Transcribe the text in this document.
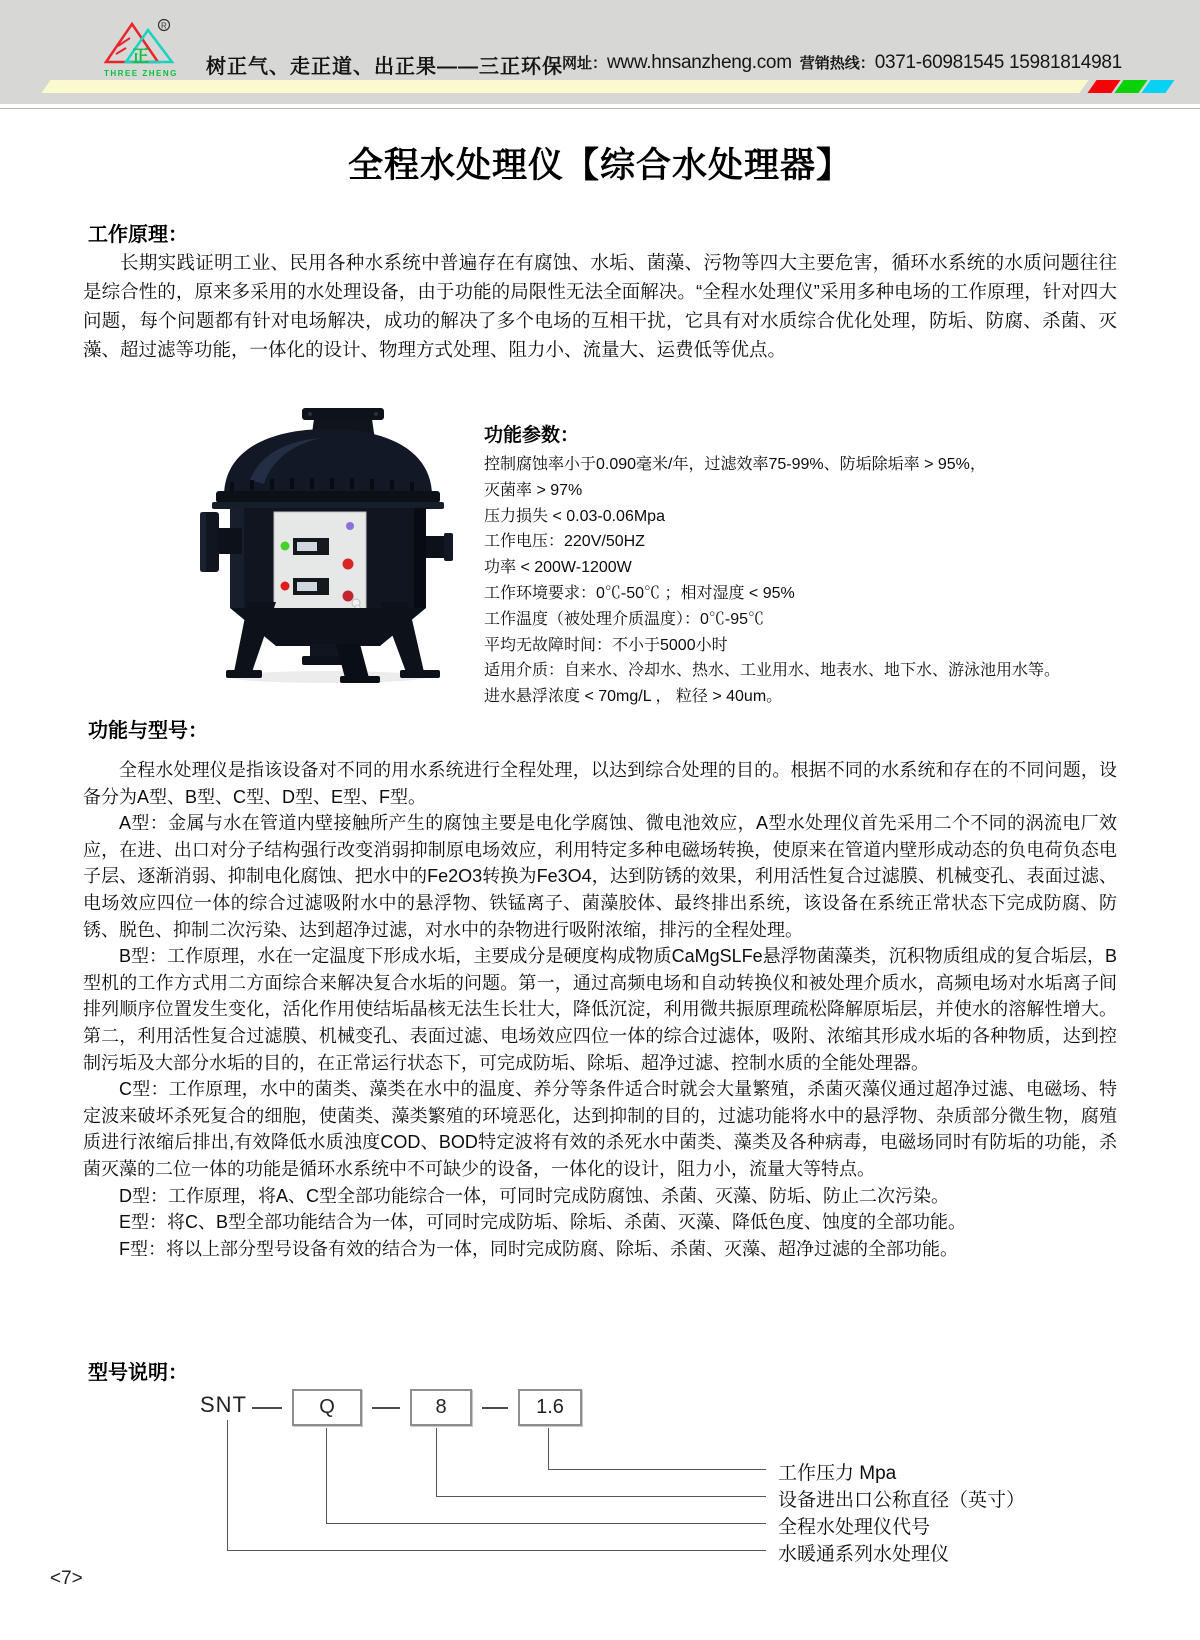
正
R
THREE ZHENG 树正气、走正道、出正果——三正环保 网址： www.hnsanzheng.com 营销热线： 0371-60981545 15981814981
全程水处理仪【综合水处理器】
工作原理：
长期实践证明工业、民用各种水系统中普遍存在有腐蚀、水垢、菌藻、污物等四大主要危害，循环水系统的水质问题往往是综合性的，原来多采用的水处理设备，由于功能的局限性无法全面解决。“全程水处理仪”采用多种电场的工作原理，针对四大问题，每个问题都有针对电场解决，成功的解决了多个电场的互相干扰，它具有对水质综合优化处理，防垢、防腐、杀菌、灭藻、超过滤等功能，一体化的设计、物理方式处理、阻力小、流量大、运费低等优点。
功能参数：
控制腐蚀率小于0.090毫米/年，过滤效率75-99%、防垢除垢率 > 95%，
灭菌率 > 97%
压力损失 < 0.03-0.06Mpa
工作电压：220V/50HZ
功率 < 200W-1200W
工作环境要求：0℃-50℃ ；相对湿度 < 95%
工作温度（被处理介质温度）：0℃-95℃
平均无故障时间：不小于5000小时
适用介质：自来水、冷却水、热水、工业用水、地表水、地下水、游泳池用水等。
进水悬浮浓度 < 70mg/L ， 粒径 > 40um。
功能与型号：

全程水处理仪是指该设备对不同的用水系统进行全程处理，以达到综合处理的目的。根据不同的水系统和存在的不同问题，设备分为A型、B型、C型、D型、E型、F型。

A型：金属与水在管道内壁接触所产生的腐蚀主要是电化学腐蚀、微电池效应，A型水处理仪首先采用二个不同的涡流电厂效应，在进、出口对分子结构强行改变消弱抑制原电场效应，利用特定多种电磁场转换，使原来在管道内壁形成动态的负电荷负态电子层、逐渐消弱、抑制电化腐蚀、把水中的Fe2O3转换为Fe3O4，达到防锈的效果，利用活性复合过滤膜、机械变孔、表面过滤、电场效应四位一体的综合过滤吸附水中的悬浮物、铁锰离子、菌藻胶体、最终排出系统，该设备在系统正常状态下完成防腐、防锈、脱色、抑制二次污染、达到超净过滤，对水中的杂物进行吸附浓缩，排污的全程处理。

B型：工作原理，水在一定温度下形成水垢，主要成分是硬度构成物质CaMgSLFe悬浮物菌藻类，沉积物质组成的复合垢层，B型机的工作方式用二方面综合来解决复合水垢的问题。第一，通过高频电场和自动转换仪和被处理介质水，高频电场对水垢离子间排列顺序位置发生变化，活化作用使结垢晶核无法生长壮大，降低沉淀，利用微共振原理疏松降解原垢层，并使水的溶解性增大。第二，利用活性复合过滤膜、机械变孔、表面过滤、电场效应四位一体的综合过滤体，吸附、浓缩其形成水垢的各种物质，达到控制污垢及大部分水垢的目的，在正常运行状态下，可完成防垢、除垢、超净过滤、控制水质的全能处理器。

C型：工作原理，水中的菌类、藻类在水中的温度、养分等条件适合时就会大量繁殖，杀菌灭藻仪通过超净过滤、电磁场、特定波来破坏杀死复合的细胞，使菌类、藻类繁殖的环境恶化，达到抑制的目的，过滤功能将水中的悬浮物、杂质部分微生物，腐殖质进行浓缩后排出,有效降低水质浊度COD、BOD特定波将有效的杀死水中菌类、藻类及各种病毒，电磁场同时有防垢的功能，杀菌灭藻的二位一体的功能是循环水系统中不可缺少的设备，一体化的设计，阻力小，流量大等特点。

D型：工作原理，将A、C型全部功能综合一体，可同时完成防腐蚀、杀菌、灭藻、防垢、防止二次污染。

E型：将C、B型全部功能结合为一体，可同时完成防垢、除垢、杀菌、灭藻、降低色度、蚀度的全部功能。

F型：将以上部分型号设备有效的结合为一体，同时完成防腐、除垢、杀菌、灭藻、超净过滤的全部功能。

型号说明：
SNT	Q	8	1.6
工作压力 Mpa
设备进出口公称直径（英寸）
全程水处理仪代号
水暖通系列水处理仪
<7>
